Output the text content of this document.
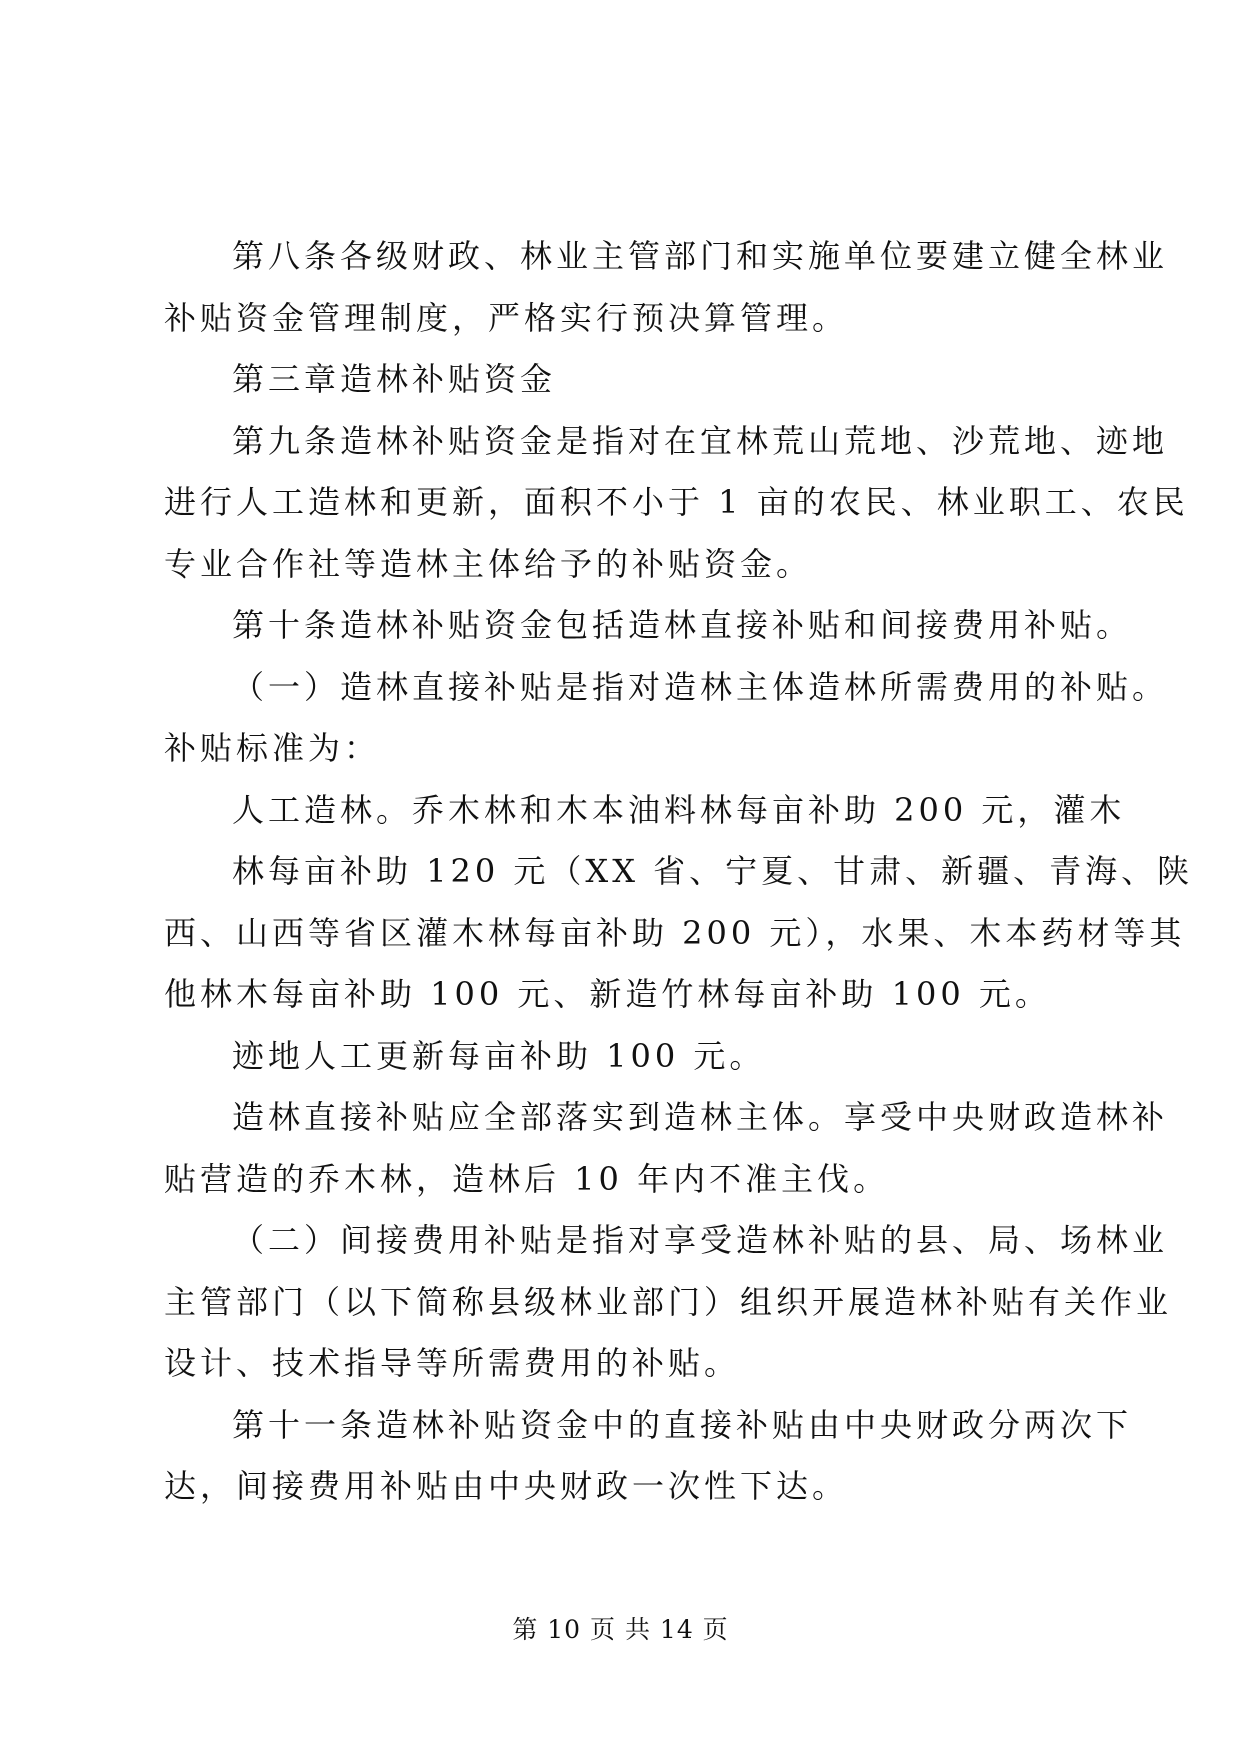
第八条各级财政、林业主管部门和实施单位要建立健全林业
补贴资金管理制度，严格实行预决算管理。
第三章造林补贴资金
第九条造林补贴资金是指对在宜林荒山荒地、沙荒地、迹地
进行人工造林和更新，面积不小于 1 亩的农民、林业职工、农民
专业合作社等造林主体给予的补贴资金。
第十条造林补贴资金包括造林直接补贴和间接费用补贴。
（一）造林直接补贴是指对造林主体造林所需费用的补贴。
补贴标准为：
人工造林。乔木林和木本油料林每亩补助 200 元，灌木
林每亩补助 120 元（XX 省、宁夏、甘肃、新疆、青海、陕
西、山西等省区灌木林每亩补助 200 元），水果、木本药材等其
他林木每亩补助 100 元、新造竹林每亩补助 100 元。
迹地人工更新每亩补助 100 元。
造林直接补贴应全部落实到造林主体。享受中央财政造林补
贴营造的乔木林，造林后 10 年内不准主伐。
（二）间接费用补贴是指对享受造林补贴的县、局、场林业
主管部门（以下简称县级林业部门）组织开展造林补贴有关作业
设计、技术指导等所需费用的补贴。
第十一条造林补贴资金中的直接补贴由中央财政分两次下
达，间接费用补贴由中央财政一次性下达。
第 10 页 共 14 页
